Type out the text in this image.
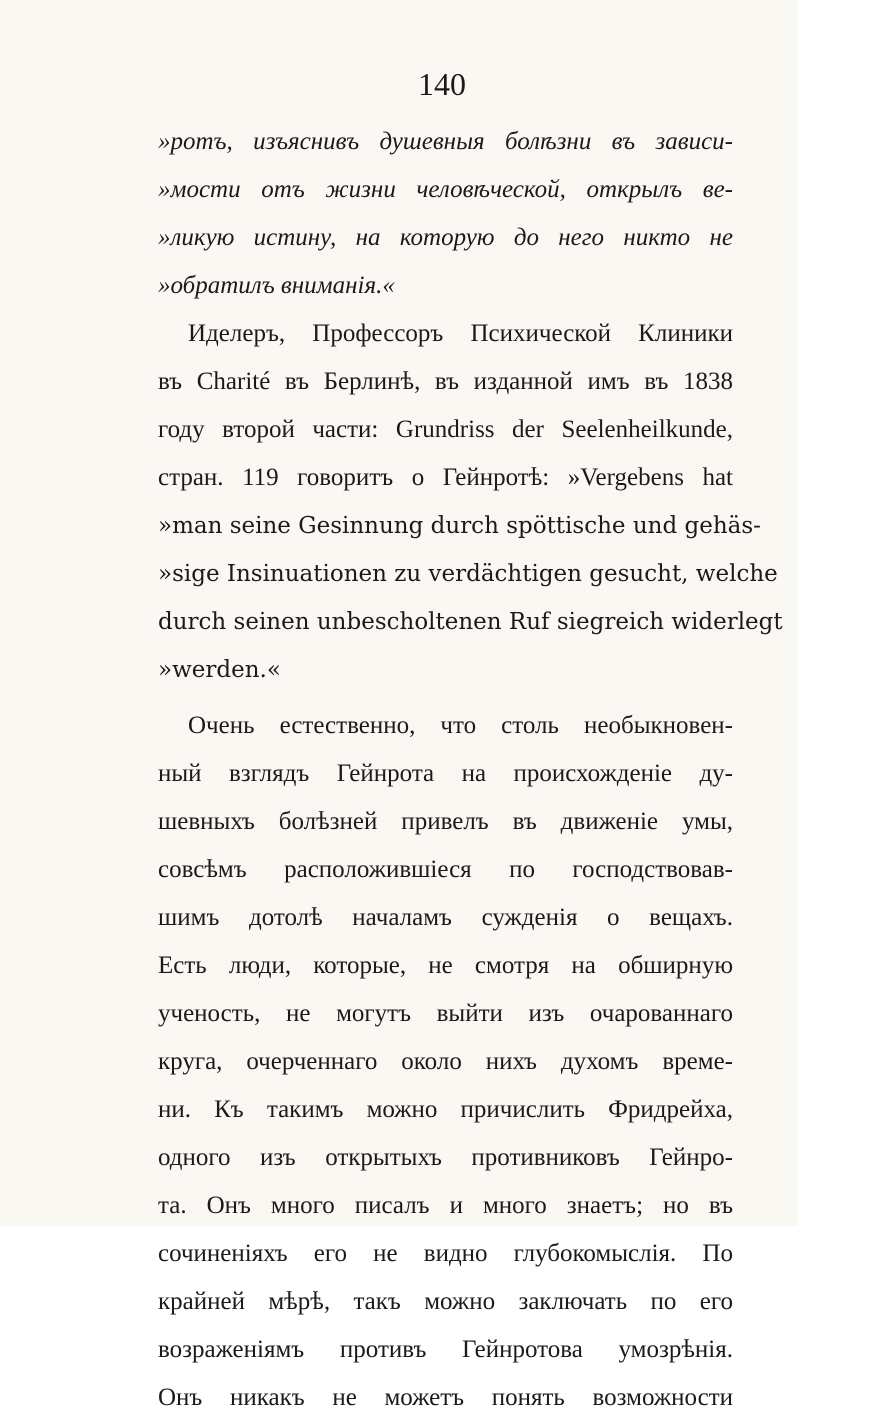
140
»ротъ, изъяснивъ душевныя болѣзни въ зависи-
»мости отъ жизни человѣческой, открылъ ве-
»ликую истину, на которую до него никто не
»обратилъ вниманія.«
Иделеръ, Профессоръ Психической Клиники
въ Charité въ Берлинѣ, въ изданной имъ въ 1838
году второй части: Grundriss der Seelenheilkunde,
стран. 119 говоритъ о Гейнротѣ: »Vergebens hat
»man seine Gesinnung durch spöttische und gehäs-
»sige Insinuationen zu verdächtigen gesucht, welche
durch seinen unbescholtenen Ruf siegreich widerlegt
»werden.«
Очень естественно, что столь необыкновен-
ный взглядъ Гейнрота на происхожденіе ду-
шевныхъ болѣзней привелъ въ движеніе умы,
совсѣмъ расположившіеся по господствовав-
шимъ дотолѣ началамъ сужденія о вещахъ.
Есть люди, которые, не смотря на обширную
ученость, не могутъ выйти изъ очарованнаго
круга, очерченнаго около нихъ духомъ време-
ни. Къ такимъ можно причислить Фридрейха,
одного изъ открытыхъ противниковъ Гейнро-
та. Онъ много писалъ и много знаетъ; но въ
сочиненіяхъ его не видно глубокомыслія. По
крайней мѣрѣ, такъ можно заключать по его
возраженіямъ противъ Гейнротова умозрѣнія.
Онъ никакъ не можетъ понять возможности
